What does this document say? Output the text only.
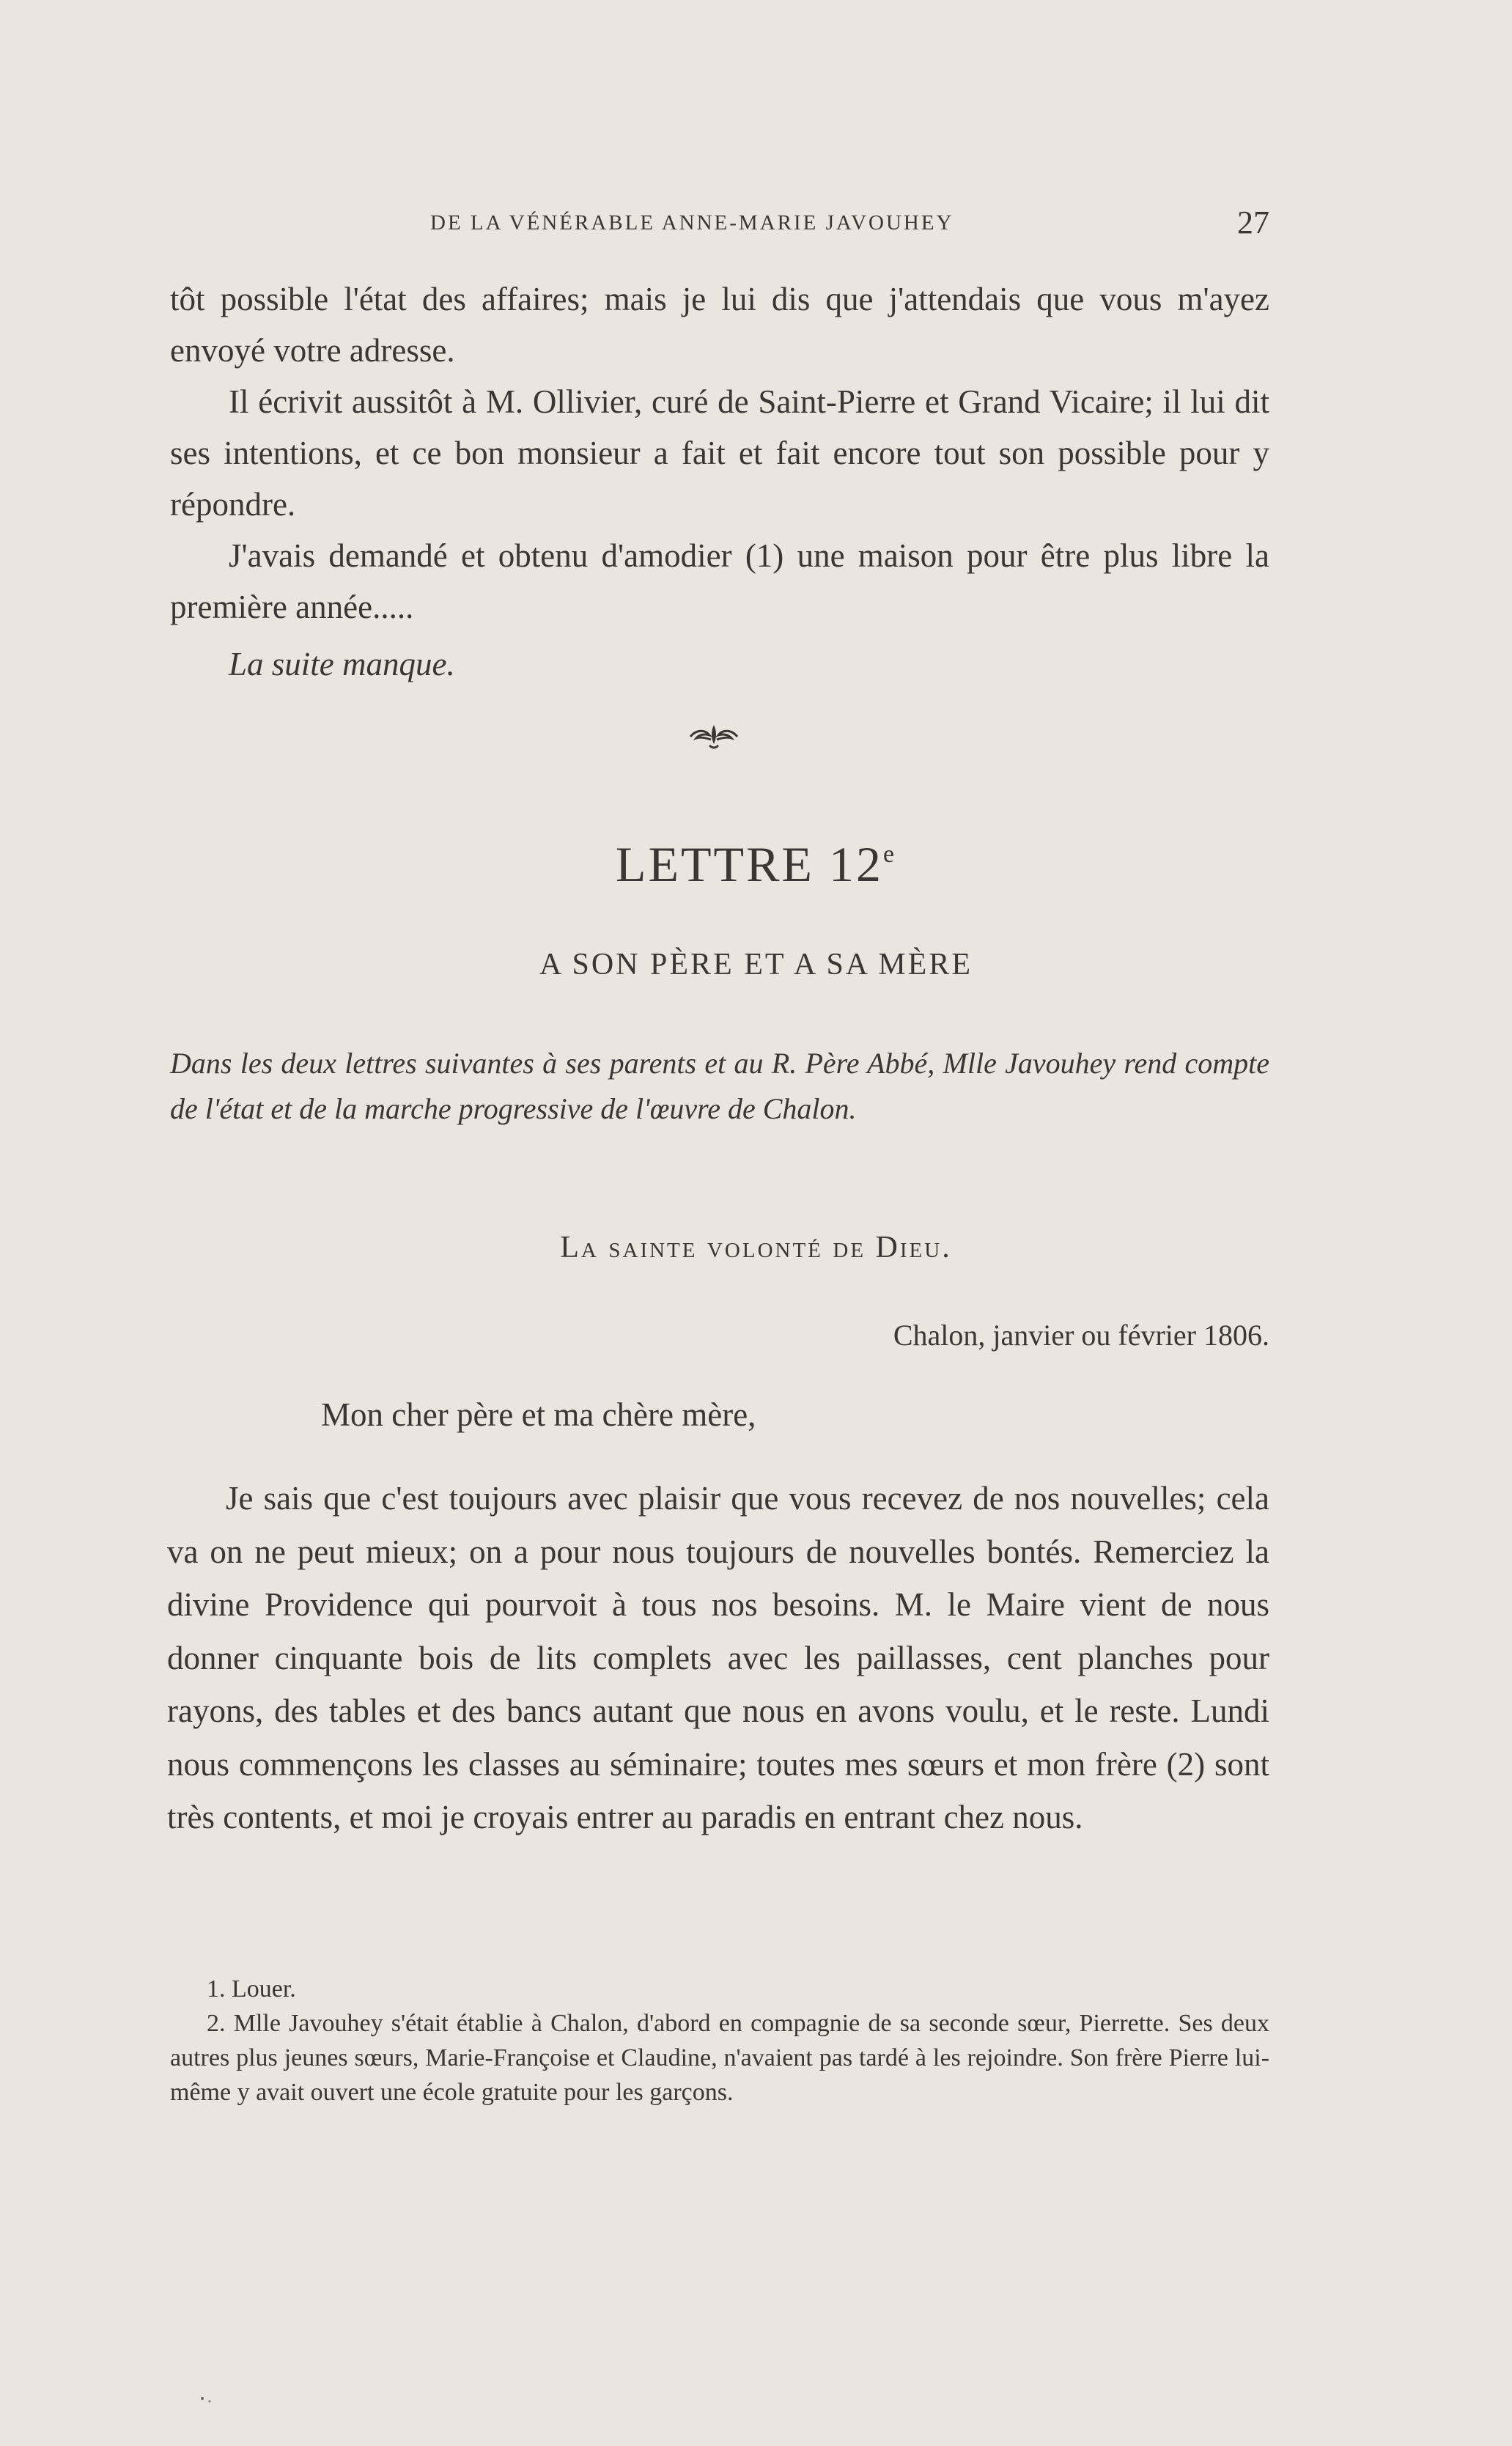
DE LA VÉNÉRABLE ANNE-MARIE JAVOUHEY	27

tôt possible l'état des affaires; mais je lui dis que j'attendais que vous m'ayez envoyé votre adresse.

Il écrivit aussitôt à M. Ollivier, curé de Saint-Pierre et Grand Vicaire; il lui dit ses intentions, et ce bon monsieur a fait et fait encore tout son possible pour y répondre.

J'avais demandé et obtenu d'amodier (1) une maison pour être plus libre la première année.....

La suite manque.

LETTRE 12e
A SON PÈRE ET A SA MÈRE
Dans les deux lettres suivantes à ses parents et au R. Père Abbé, Mlle Javouhey rend compte de l'état et de la marche progressive de l'œuvre de Chalon.
La sainte volonté de Dieu.
Chalon, janvier ou février 1806.
Mon cher père et ma chère mère,

Je sais que c'est toujours avec plaisir que vous recevez de nos nouvelles; cela va on ne peut mieux; on a pour nous toujours de nouvelles bontés. Remerciez la divine Providence qui pourvoit à tous nos besoins. M. le Maire vient de nous donner cinquante bois de lits complets avec les paillasses, cent planches pour rayons, des tables et des bancs autant que nous en avons voulu, et le reste. Lundi nous commençons les classes au séminaire; toutes mes sœurs et mon frère (2) sont très contents, et moi je croyais entrer au paradis en entrant chez nous.

1. Louer.

2. Mlle Javouhey s'était établie à Chalon, d'abord en compagnie de sa seconde sœur, Pierrette. Ses deux autres plus jeunes sœurs, Marie-Françoise et Claudine, n'avaient pas tardé à les rejoindre. Son frère Pierre lui-même y avait ouvert une école gratuite pour les garçons.
